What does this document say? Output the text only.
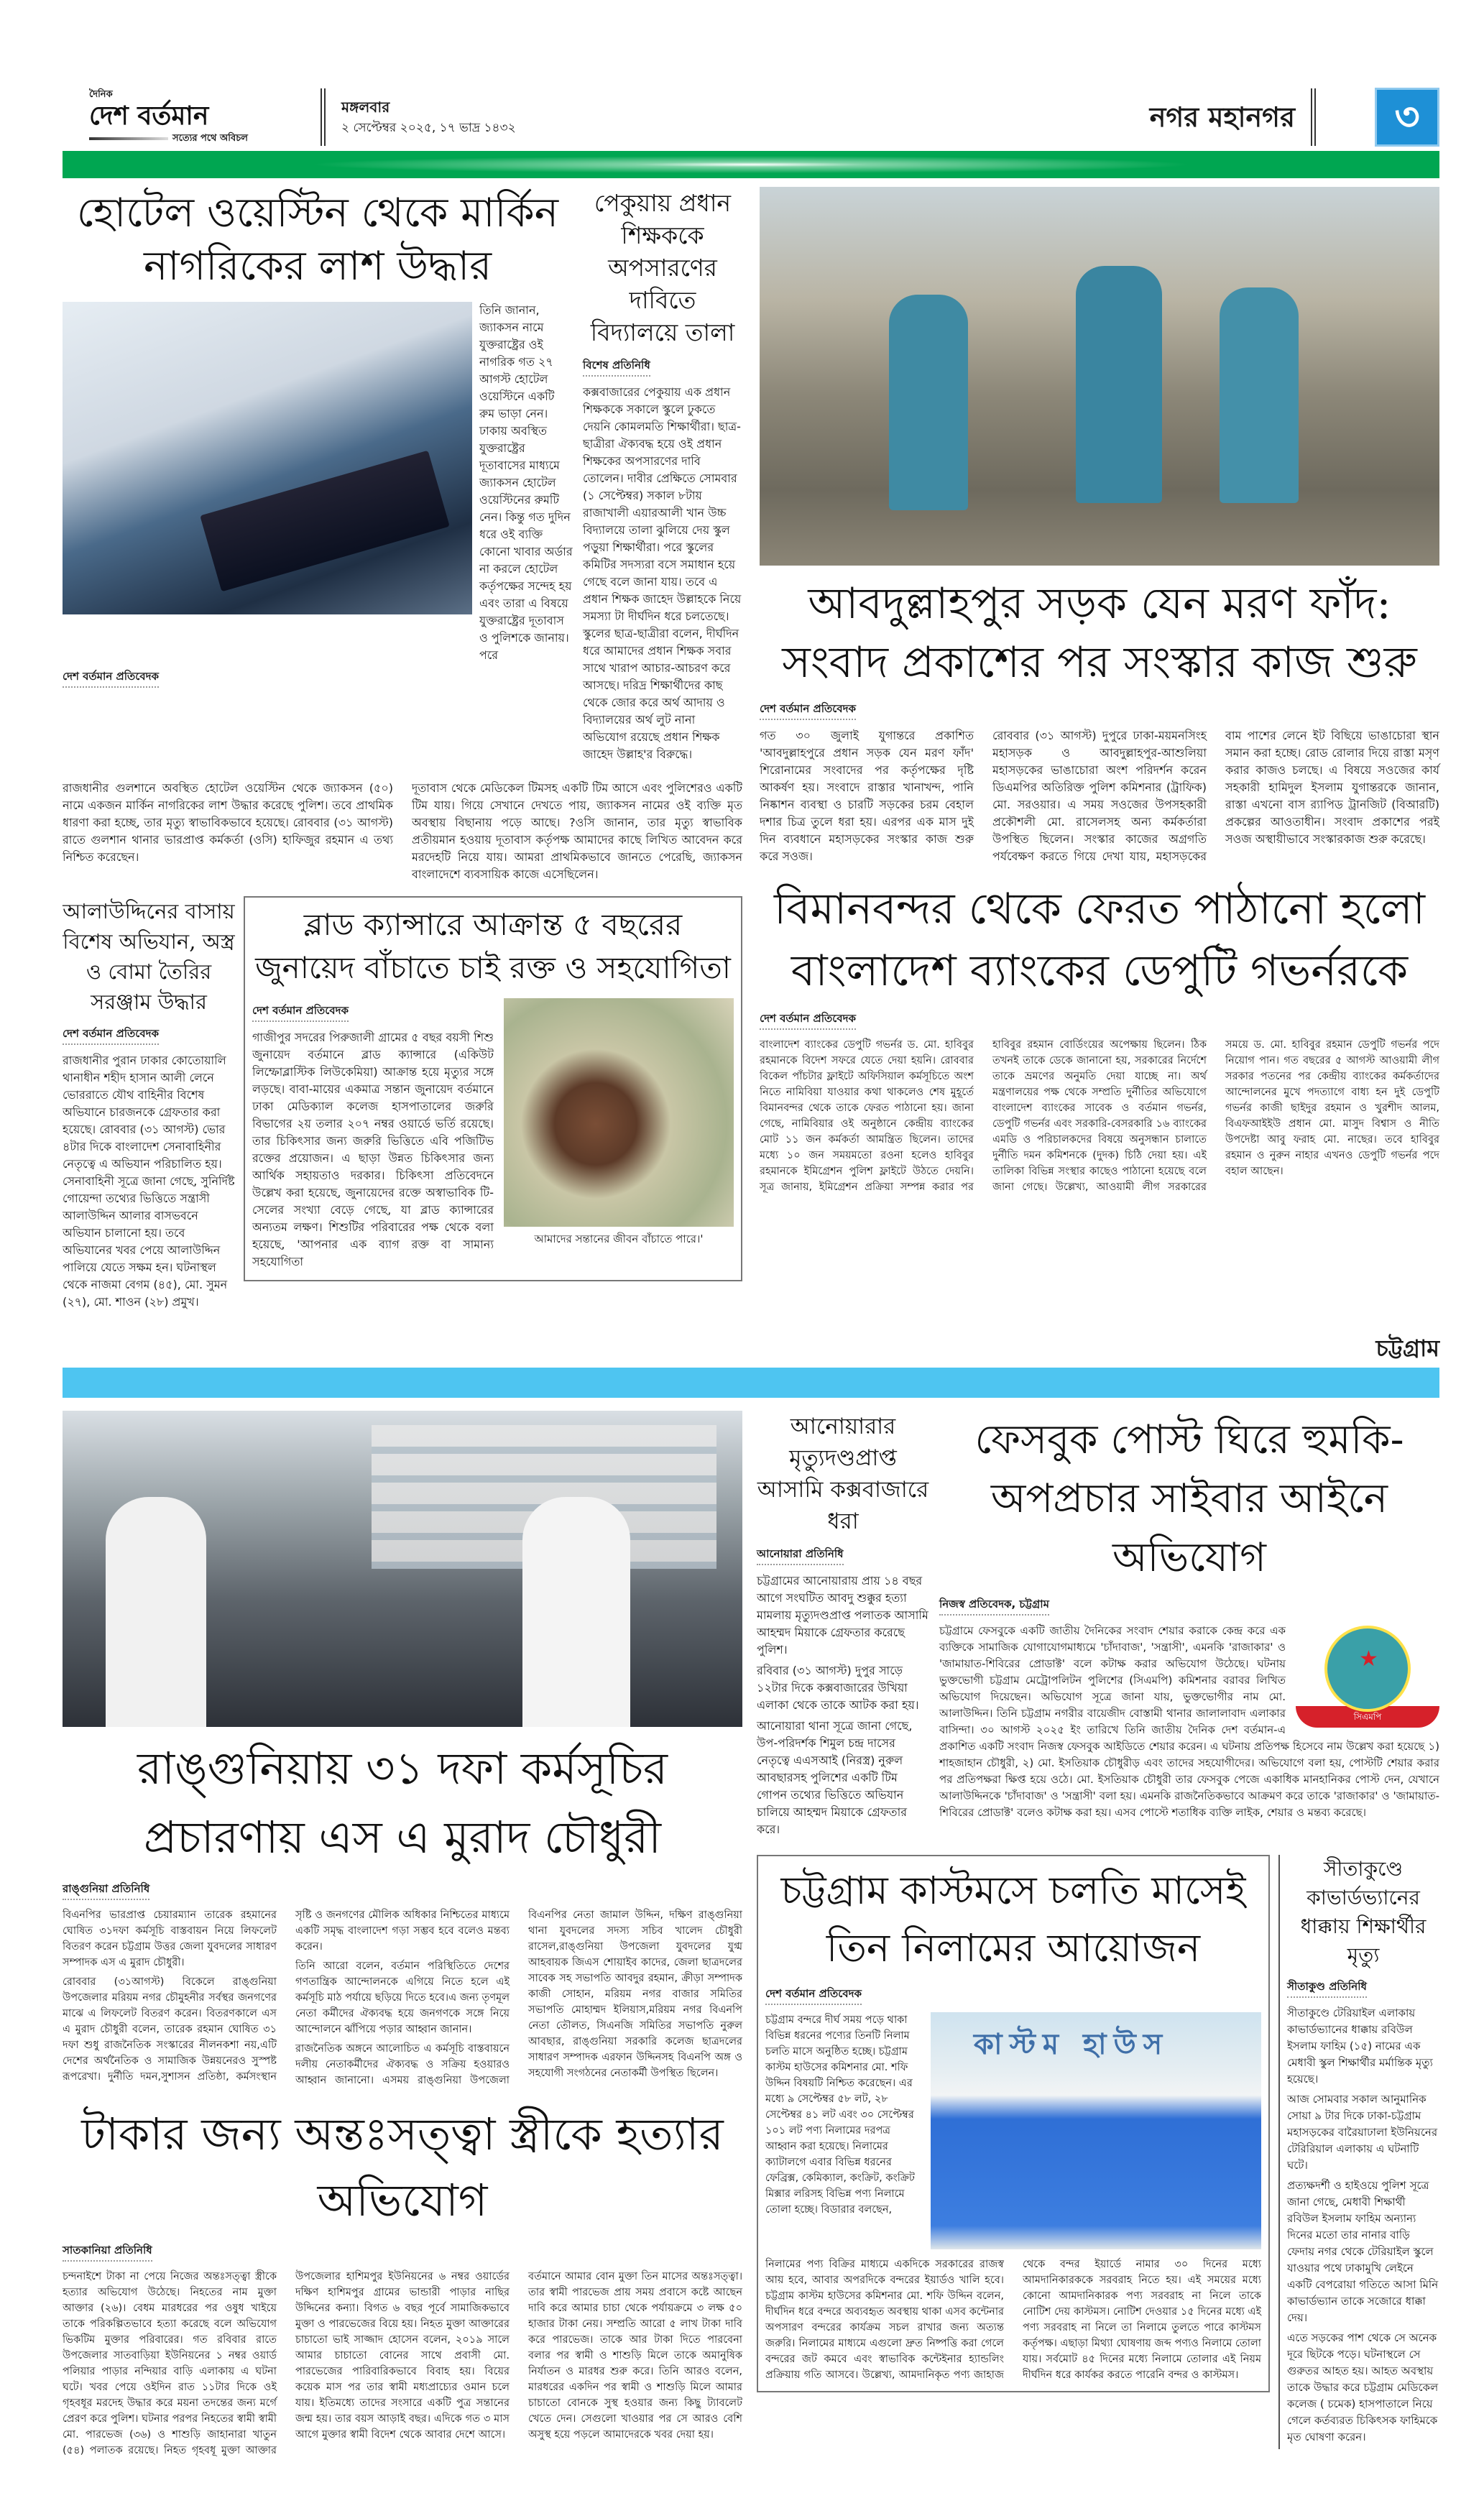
দৈনিক
দেশ বর্তমান
সত্যের পথে অবিচল
মঙ্গলবার
২ সেপ্টেম্বর ২০২৫, ১৭ ভাদ্র ১৪৩২	নগর মহানগর	৩
হোটেল ওয়েস্টিন থেকে মার্কিন নাগরিকের লাশ উদ্ধার
তিনি জানান, জ্যাকসন নামে যুক্তরাষ্ট্রের ওই নাগরিক গত ২৭ আগস্ট হোটেল ওয়েস্টিনে একটি রুম ভাড়া নেন। ঢাকায় অবস্থিত যুক্তরাষ্ট্রের দূতাবাসের মাধ্যমে জ্যাকসন হোটেল ওয়েস্টিনের রুমটি নেন। কিন্তু গত দুদিন ধরে ওই ব্যক্তি কোনো খাবার অর্ডার না করলে হোটেল কর্তৃপক্ষের সন্দেহ হয় এবং তারা এ বিষয়ে যুক্তরাষ্ট্রের দূতাবাস ও পুলিশকে জানায়। পরে
দেশ বর্তমান প্রতিবেদক
পেকুয়ায় প্রধান শিক্ষককে অপসারণের দাবিতে বিদ্যালয়ে তালা
বিশেষ প্রতিনিধি

কক্সবাজারের পেকুয়ায় এক প্রধান শিক্ষককে সকালে স্কুলে ঢুকতে দেয়নি কোমলমতি শিক্ষার্থীরা। ছাত্র-ছাত্রীরা ঐক্যবদ্ধ হয়ে ওই প্রধান শিক্ষকের অপসারণের দাবি তোলেন। দাবীর প্রেক্ষিতে সোমবার (১ সেপ্টেম্বর) সকাল ৮টায় রাজাখালী এয়ারআলী খান উচ্চ বিদ্যালয়ে তালা ঝুলিয়ে দেয় স্কুল পড়ুয়া শিক্ষার্থীরা। পরে স্কুলের কমিটির সদস্যরা বসে সমাধান হয়ে গেছে বলে জানা যায়। তবে এ প্রধান শিক্ষক জাহেদ উল্লাহকে নিয়ে সমস্যা টা দীর্ঘদিন ধরে চলতেছে। স্কুলের ছাত্র-ছাত্রীরা বলেন, দীর্ঘদিন ধরে আমাদের প্রধান শিক্ষক সবার সাথে খারাপ আচার-আচরণ করে আসছে। দরিদ্র শিক্ষার্থীদের কাছ থেকে জোর করে অর্থ আদায় ও বিদ্যালয়ের অর্থ লুট নানা অভিযোগ রয়েছে প্রধান শিক্ষক জাহেদ উল্লাহ'র বিরুদ্ধে।

রাজধানীর গুলশানে অবস্থিত হোটেল ওয়েস্টিন থেকে জ্যাকসন (৫০) নামে একজন মার্কিন নাগরিকের লাশ উদ্ধার করেছে পুলিশ। তবে প্রাথমিক ধারণা করা হচ্ছে, তার মৃত্যু স্বাভাবিকভাবে হয়েছে। রোববার (৩১ আগস্ট) রাতে গুলশান থানার ভারপ্রাপ্ত কর্মকর্তা (ওসি) হাফিজুর রহমান এ তথ্য নিশ্চিত করেছেন।

দূতাবাস থেকে মেডিকেল টিমসহ একটি টিম আসে এবং পুলিশেরও একটি টিম যায়। গিয়ে সেখানে দেখতে পায়, জ্যাকসন নামের ওই ব্যক্তি মৃত অবস্থায় বিছানায় পড়ে আছে। ?ওসি জানান, তার মৃত্যু স্বাভাবিক প্রতীয়মান হওয়ায় দূতাবাস কর্তৃপক্ষ আমাদের কাছে লিখিত আবেদন করে মরদেহটি নিয়ে যায়। আমরা প্রাথমিকভাবে জানতে পেরেছি, জ্যাকসন বাংলাদেশে ব্যবসায়িক কাজে এসেছিলেন।

আলাউদ্দিনের বাসায় বিশেষ অভিযান, অস্ত্র ও বোমা তৈরির সরঞ্জাম উদ্ধার
দেশ বর্তমান প্রতিবেদক

রাজধানীর পুরান ঢাকার কোতোয়ালি থানাধীন শহীদ হাসান আলী লেনে ভোররাতে যৌথ বাহিনীর বিশেষ অভিযানে চারজনকে গ্রেফতার করা হয়েছে। রোববার (৩১ আগস্ট) ভোর ৪টার দিকে বাংলাদেশ সেনাবাহিনীর নেতৃত্বে এ অভিযান পরিচালিত হয়। সেনাবাহিনী সূত্রে জানা গেছে, সুনির্দিষ্ট গোয়েন্দা তথ্যের ভিত্তিতে সন্ত্রাসী আলাউদ্দিন আলার বাসভবনে অভিযান চালানো হয়। তবে অভিযানের খবর পেয়ে আলাউদ্দিন পালিয়ে যেতে সক্ষম হন। ঘটনাস্থল থেকে নাজমা বেগম (৪৫), মো. সুমন (২৭), মো. শাওন (২৮) প্রমুখ।

ব্লাড ক্যান্সারে আক্রান্ত ৫ বছরের জুনায়েদ বাঁচাতে চাই রক্ত ও সহযোগিতা
দেশ বর্তমান প্রতিবেদক

গাজীপুর সদরের পিরুজালী গ্রামের ৫ বছর বয়সী শিশু জুনায়েদ বর্তমানে ব্লাড ক্যান্সারে (একিউট লিম্ফোব্লাস্টিক লিউকেমিয়া) আক্রান্ত হয়ে মৃত্যুর সঙ্গে লড়ছে। বাবা-মায়ের একমাত্র সন্তান জুনায়েদ বর্তমানে ঢাকা মেডিক্যাল কলেজ হাসপাতালের জরুরি বিভাগের ২য় তলার ২০৭ নম্বর ওয়ার্ডে ভর্তি রয়েছে। তার চিকিৎসার জন্য জরুরি ভিত্তিতে এবি পজিটিভ রক্তের প্রয়োজন। এ ছাড়া উন্নত চিকিৎসার জন্য আর্থিক সহায়তাও দরকার। চিকিৎসা প্রতিবেদনে উল্লেখ করা হয়েছে, জুনায়েদের রক্তে অস্বাভাবিক টি-সেলের সংখ্যা বেড়ে গেছে, যা ব্লাড ক্যান্সারের অন্যতম লক্ষণ। শিশুটির পরিবারের পক্ষ থেকে বলা হয়েছে, 'আপনার এক ব্যাগ রক্ত বা সামান্য সহযোগিতা

আমাদের সন্তানের জীবন বাঁচাতে পারে।'
আবদুল্লাহপুর সড়ক যেন মরণ ফাঁদ: সংবাদ প্রকাশের পর সংস্কার কাজ শুরু
দেশ বর্তমান প্রতিবেদক

গত ৩০ জুলাই যুগান্তরে প্রকাশিত 'আবদুল্লাহপুরে প্রধান সড়ক যেন মরণ ফাঁদ' শিরোনামের সংবাদের পর কর্তৃপক্ষের দৃষ্টি আকর্ষণ হয়। সংবাদে রাস্তার খানাখন্দ, পানি নিষ্কাশন ব্যবস্থা ও চারটি সড়কের চরম বেহাল দশার চিত্র তুলে ধরা হয়। এরপর এক মাস দুই দিন ব্যবধানে মহাসড়কের সংস্কার কাজ শুরু করে সওজ।

রোববার (৩১ আগস্ট) দুপুরে ঢাকা-ময়মনসিংহ মহাসড়ক ও আবদুল্লাহপুর-আশুলিয়া মহাসড়কের ভাঙাচোরা অংশ পরিদর্শন করেন ডিএমপির অতিরিক্ত পুলিশ কমিশনার (ট্রাফিক) মো. সরওয়ার। এ সময় সওজের উপসহকারী প্রকৌশলী মো. রাসেলসহ অন্য কর্মকর্তারা উপস্থিত ছিলেন। সংস্কার কাজের অগ্রগতি পর্যবেক্ষণ করতে গিয়ে দেখা যায়, মহাসড়কের বাম পাশের লেনে ইট বিছিয়ে ভাঙাচোরা স্থান সমান করা হচ্ছে। রোড রোলার দিয়ে রাস্তা মসৃণ করার কাজও চলছে। এ বিষয়ে সওজের কার্য সহকারী হামিদুল ইসলাম যুগান্তরকে জানান, রাস্তা এখনো বাস র‍্যাপিড ট্রানজিট (বিআরটি) প্রকল্পের আওতাধীন। সংবাদ প্রকাশের পরই সওজ অস্থায়ীভাবে সংস্কারকাজ শুরু করেছে।

বিমানবন্দর থেকে ফেরত পাঠানো হলো বাংলাদেশ ব্যাংকের ডেপুটি গভর্নরকে
দেশ বর্তমান প্রতিবেদক

বাংলাদেশ ব্যাংকের ডেপুটি গভর্নর ড. মো. হাবিবুর রহমানকে বিদেশ সফরে যেতে দেয়া হয়নি। রোববার বিকেল পাঁচটার ফ্লাইটে অফিসিয়াল কর্মসূচিতে অংশ নিতে নামিবিয়া যাওয়ার কথা থাকলেও শেষ মুহূর্তে বিমানবন্দর থেকে তাকে ফেরত পাঠানো হয়। জানা গেছে, নামিবিয়ার ওই অনুষ্ঠানে কেন্দ্রীয় ব্যাংকের মোট ১১ জন কর্মকর্তা আমন্ত্রিত ছিলেন। তাদের মধ্যে ১০ জন সময়মতো রওনা হলেও হাবিবুর রহমানকে ইমিগ্রেশন পুলিশ ফ্লাইটে উঠতে দেয়নি। সূত্র জানায়, ইমিগ্রেশন প্রক্রিয়া সম্পন্ন করার পর হাবিবুর রহমান বোর্ডিংয়ের অপেক্ষায় ছিলেন। ঠিক তখনই তাকে ডেকে জানানো হয়, সরকারের নির্দেশে তাকে ভ্রমণের অনুমতি দেয়া যাচ্ছে না। অর্থ মন্ত্রণালয়ের পক্ষ থেকে সম্প্রতি দুর্নীতির অভিযোগে বাংলাদেশ ব্যাংকের সাবেক ও বর্তমান গভর্নর, ডেপুটি গভর্নর এবং সরকারি-বেসরকারি ১৬ ব্যাংকের এমডি ও পরিচালকদের বিষয়ে অনুসন্ধান চালাতে দুর্নীতি দমন কমিশনকে (দুদক) চিঠি দেয়া হয়। এই তালিকা বিভিন্ন সংস্থার কাছেও পাঠানো হয়েছে বলে জানা গেছে। উল্লেখ্য, আওয়ামী লীগ সরকারের সময়ে ড. মো. হাবিবুর রহমান ডেপুটি গভর্নর পদে নিয়োগ পান। গত বছরের ৫ আগস্ট আওয়ামী লীগ সরকার পতনের পর কেন্দ্রীয় ব্যাংকের কর্মকর্তাদের আন্দোলনের মুখে পদত্যাগে বাধ্য হন দুই ডেপুটি গভর্নর কাজী ছাইদুর রহমান ও খুরশীদ আলম, বিএফআইইউ প্রধান মো. মাসুদ বিশ্বাস ও নীতি উপদেষ্টা আবু ফরাহ মো. নাছের। তবে হাবিবুর রহমান ও নুরুন নাহার এখনও ডেপুটি গভর্নর পদে বহাল আছেন।

চট্টগ্রাম
রাঙ্গুনিয়ায় ৩১ দফা কর্মসূচির প্রচারণায় এস এ মুরাদ চৌধুরী
রাঙ্গুনিয়া প্রতিনিধি

বিএনপির ভারপ্রাপ্ত চেয়ারম্যান তারেক রহমানের ঘোষিত ৩১দফা কর্মসূচি বাস্তবায়ন নিয়ে লিফলেট বিতরণ করেন চট্টগ্রাম উত্তর জেলা যুবদলের সাধারণ সম্পাদক এস এ মুরাদ চৌধুরী।

রোববার (৩১আগস্ট) বিকেলে রাঙ্গুনিয়া উপজেলার মরিয়ম নগর চৌমুহনীর সর্বস্থর জনগণের মাঝে এ লিফলেট বিতরণ করেন। বিতরণকালে এস এ মুরাদ চৌধুরী বলেন, তারেক রহমান ঘোষিত ৩১ দফা শুধু রাজনৈতিক সংস্কারের নীলনকশা নয়,এটি দেশের অর্থনৈতিক ও সামাজিক উন্নয়নেরও সুস্পষ্ট রূপরেখা। দুর্নীতি দমন,সুশাসন প্রতিষ্ঠা, কর্মসংস্থান সৃষ্টি ও জনগণের মৌলিক অধিকার নিশ্চিতের মাধ্যমে একটি সমৃদ্ধ বাংলাদেশ গড়া সম্ভব হবে বলেও মন্তব্য করেন।

তিনি আরো বলেন, বর্তমান পরিস্থিতিতে দেশের গণতান্ত্রিক আন্দোলনকে এগিয়ে নিতে হলে এই কর্মসূচি মাঠ পর্যায়ে ছড়িয়ে দিতে হবে।এ জন্য তৃণমূল নেতা কর্মীদের ঐক্যবদ্ধ হয়ে জনগণকে সঙ্গে নিয়ে আন্দোলনে ঝাঁপিয়ে পড়ার আহ্বান জানান।

রাজনৈতিক অঙ্গনে আলোচিত এ কর্মসূচি বাস্তবায়নে দলীয় নেতাকর্মীদের ঐক্যবদ্ধ ও সক্রিয় হওয়ারও আহ্বান জানানো। এসময় রাঙ্গুনিয়া উপজেলা বিএনপির নেতা জামাল উদ্দিন, দক্ষিণ রাঙ্গুনিয়া থানা যুবদলের সদস্য সচিব খালেদ চৌধুরী রাসেল,রাঙ্গুনিয়া উপজেলা যুবদলের যুগ্ম আহবায়ক জিএস শোয়াইব কাদের, জেলা ছাত্রদলের সাবেক সহ সভাপতি আবদুর রহমান, ক্রীড়া সম্পাদক কাজী সোহান, মরিয়ম নগর বাজার সমিতির সভাপতি মোহাম্মদ ইলিয়াস,মরিয়ম নগর বিএনপি নেতা তৌলত, সিএনজি সমিতির সভাপতি নুরুল আবছার, রাঙ্গুনিয়া সরকারি কলেজ ছাত্রদলের সাধারণ সম্পাদক এরফান উদ্দিনসহ বিএনপি অঙ্গ ও সহযোগী সংগঠনের নেতাকর্মী উপস্থিত ছিলেন।

টাকার জন্য অন্তঃসত্ত্বা স্ত্রীকে হত্যার অভিযোগ
সাতকানিয়া প্রতিনিধি

চন্দনাইশে টাকা না পেয়ে নিজের অন্তঃসত্ত্বা স্ত্রীকে হত্যার অভিযোগ উঠেছে। নিহতের নাম মুক্তা আক্তার (২৬)। বেধম মারধরের পর ওষুধ খাইয়ে তাকে পরিকল্পিতভাবে হত্যা করেছে বলে অভিযোগ ভিকটিম মুক্তার পরিবারের। গত রবিবার রাতে উপজেলার সাতবাড়িয়া ইউনিয়নের ১ নম্বর ওয়ার্ড পলিয়ার পাড়ার নন্দিয়ার বাড়ি এলাকায় এ ঘটনা ঘটে। খবর পেয়ে ওইদিন রাত ১১টার দিকে ওই গৃহবধূর মরদেহ উদ্ধার করে ময়না তদন্তের জন্য মর্গে প্রেরণ করে পুলিশ। ঘটনার পরপর নিহতের স্বামী স্বামী মো. পারভেজ (৩৬) ও শাশুড়ি জাহানারা খাতুন (৫৪) পলাতক রয়েছে। নিহত গৃহবধূ মুক্তা আক্তার উপজেলার হাশিমপুর ইউনিয়নের ৬ নম্বর ওয়ার্ডের দক্ষিণ হাশিমপুর গ্রামের ভান্ডারী পাড়ার নাছির উদ্দিনের কন্যা। বিগত ৬ বছর পূর্বে সামাজিকভাবে মুক্তা ও পারভেজের বিয়ে হয়। নিহত মুক্তা আক্তারের চাচাতো ভাই সাজ্জাদ হোসেন বলেন, ২০১৯ সালে আমার চাচাতো বোনের সাথে প্রবাসী মো. পারভেজের পারিবারিকভাবে বিবাহ হয়। বিয়ের কয়েক মাস পর তার স্বামী মধ্যপ্রাচ্যের ওমান চলে যায়। ইতিমধ্যে তাদের সংসারে একটি পুত্র সন্তানের জন্ম হয়। তার বয়স আড়াই বছর। এদিকে গত ৩ মাস আগে মুক্তার স্বামী বিদেশ থেকে আবার দেশে আসে।

বর্তমানে আমার বোন মুক্তা তিন মাসের অন্তঃসত্ত্বা। তার স্বামী পারভেজ প্রায় সময় প্রবাসে কষ্টে আছেন দাবি করে আমার চাচা থেকে পর্যায়ক্রমে ৩ লক্ষ ৫০ হাজার টাকা নেয়। সম্প্রতি আরো ৫ লাখ টাকা দাবি করে পারভেজ। তাকে আর টাকা দিতে পারবেনা বলার পর স্বামী ও শাশুড়ি মিলে তাকে অমানুষিক নির্যাতন ও মারধর শুরু করে। তিনি আরও বলেন, মারধরের একদিন পর স্বামী ও শাশুড়ি মিলে আমার চাচাতো বোনকে সুস্থ হওয়ার জন্য কিছু ট্যাবলেট খেতে দেন। সেগুলো খাওয়ার পর সে আরও বেশি অসুস্থ হয়ে পড়লে আমাদেরকে খবর দেয়া হয়।

আনোয়ারার মৃত্যুদণ্ডপ্রাপ্ত আসামি কক্সবাজারে ধরা
আনোয়ারা প্রতিনিধি

চট্টগ্রামের আনোয়ারায় প্রায় ১৪ বছর আগে সংঘটিত আবদু শুক্কুর হত্যা মামলায় মৃত্যুদণ্ডপ্রাপ্ত পলাতক আসামি আহম্মদ মিয়াকে গ্রেফতার করেছে পুলিশ।

রবিবার (৩১ আগস্ট) দুপুর সাড়ে ১২টার দিকে কক্সবাজারের উখিয়া এলাকা থেকে তাকে আটক করা হয়।

আনোয়ারা থানা সূত্রে জানা গেছে, উপ-পরিদর্শক শিমুল চন্দ্র দাসের নেতৃত্বে এএসআই (নিরস্ত্র) নুরুল আবছারসহ পুলিশের একটি টিম গোপন তথ্যের ভিত্তিতে অভিযান চালিয়ে আহম্মদ মিয়াকে গ্রেফতার করে।

ফেসবুক পোস্ট ঘিরে হুমকি-অপপ্রচার সাইবার আইনে অভিযোগ
নিজস্ব প্রতিবেদক, চট্টগ্রাম
★
সিএমপি

চট্টগ্রামে ফেসবুকে একটি জাতীয় দৈনিকের সংবাদ শেয়ার করাকে কেন্দ্র করে এক ব্যক্তিকে সামাজিক যোগাযোগমাধ্যমে 'চাঁদাবাজ', 'সন্ত্রাসী', এমনকি 'রাজাকার' ও 'জামায়াত-শিবিরের প্রোডাক্ট' বলে কটাক্ষ করার অভিযোগ উঠেছে। ঘটনায় ভুক্তভোগী চট্টগ্রাম মেট্রোপলিটন পুলিশের (সিএমপি) কমিশনার বরাবর লিখিত অভিযোগ দিয়েছেন। অভিযোগ সূত্রে জানা যায়, ভুক্তভোগীর নাম মো. আলাউদ্দিন। তিনি চট্টগ্রাম নগরীর বায়েজীদ বোস্তামী থানার জালালাবাদ এলাকার বাসিন্দা। ৩০ আগস্ট ২০২৫ ইং তারিখে তিনি জাতীয় দৈনিক দেশ বর্তমান-এ প্রকাশিত একটি সংবাদ নিজস্ব ফেসবুক আইডিতে শেয়ার করেন। এ ঘটনায় প্রতিপক্ষ হিসেবে নাম উল্লেখ করা হয়েছে ১) শাহজাহান চৌধুরী, ২) মো. ইসতিয়াক চৌধুরীড় এবং তাদের সহযোগীদের। অভিযোগে বলা হয়, পোস্টটি শেয়ার করার পর প্রতিপক্ষরা ক্ষিপ্ত হয়ে ওঠে। মো. ইসতিয়াক চৌধুরী তার ফেসবুক পেজে একাধিক মানহানিকর পোস্ট দেন, যেখানে আলাউদ্দিনকে 'চাঁদাবাজ' ও 'সন্ত্রাসী' বলা হয়। এমনকি রাজনৈতিকভাবে আক্রমণ করে তাকে 'রাজাকার' ও 'জামায়াত-শিবিরের প্রোডাক্ট' বলেও কটাক্ষ করা হয়। এসব পোস্টে শতাধিক ব্যক্তি লাইক, শেয়ার ও মন্তব্য করেছে।

চট্টগ্রাম কাস্টমসে চলতি মাসেই তিন নিলামের আয়োজন
দেশ বর্তমান প্রতিবেদক
চট্টগ্রাম বন্দরে দীর্ঘ সময় পড়ে থাকা বিভিন্ন ধরনের পণ্যের তিনটি নিলাম চলতি মাসে অনুষ্ঠিত হচ্ছে। চট্টগ্রাম কাস্টম হাউসের কমিশনার মো. শফি উদ্দিন বিষয়টি নিশ্চিত করেছেন। এর মধ্যে ৯ সেপ্টেম্বর ৫৮ লট, ২৮ সেপ্টেম্বর ৪১ লট এবং ৩০ সেপ্টেম্বর ১০১ লট পণ্য নিলামের দরপত্র আহ্বান করা হয়েছে। নিলামের ক্যাটালগে এবার বিভিন্ন ধরনের ফেব্রিক্স, কেমিক্যাল, কংক্রিট, কংক্রিট মিক্সার লরিসহ বিভিন্ন পণ্য নিলামে তোলা হচ্ছে। বিডারার বলছেন,
কাস্টম হাউস

নিলামের পণ্য বিক্রির মাধ্যমে একদিকে সরকারের রাজস্ব আয় হবে, আবার অপরদিকে বন্দরের ইয়ার্ডও খালি হবে। চট্টগ্রাম কাস্টম হাউসের কমিশনার মো. শফি উদ্দিন বলেন, দীর্ঘদিন ধরে বন্দরে অব্যবহৃত অবস্থায় থাকা এসব কন্টেনার অপসারণ বন্দরের কার্যক্রম সচল রাখার জন্য অত্যন্ত জরুরি। নিলামের মাধ্যমে এগুলো দ্রুত নিষ্পত্তি করা গেলে বন্দরের জট কমবে এবং স্বাভাবিক কন্টেইনার হ্যান্ডলিং প্রক্রিয়ায় গতি আসবে। উল্লেখ্য, আমদানিকৃত পণ্য জাহাজ থেকে বন্দর ইয়ার্ডে নামার ৩০ দিনের মধ্যে আমদানিকারককে সরবরাহ নিতে হয়। এই সময়ের মধ্যে কোনো আমদানিকারক পণ্য সরবরাহ না নিলে তাকে নোটিশ দেয় কাস্টমস। নোটিশ দেওয়ার ১৫ দিনের মধ্যে এই পণ্য সরবরাহ না নিলে তা নিলামে তুলতে পারে কাস্টমস কর্তৃপক্ষ। এছাড়া মিথ্যা ঘোষণায় জব্দ পণ্যও নিলামে তোলা যায়। সর্বমোট ৪৫ দিনের মধ্যে নিলামে তোলার এই নিয়ম দীর্ঘদিন ধরে কার্যকর করতে পারেনি বন্দর ও কাস্টমস।

সীতাকুণ্ডে কাভার্ডভ্যানের ধাক্কায় শিক্ষার্থীর মৃত্যু
সীতাকুণ্ড প্রতিনিধি

সীতাকুণ্ডে টেরিয়াইল এলাকায় কাভার্ডভ্যানের ধাক্কায় রবিউল ইসলাম ফাহিম (১৫) নামের এক মেধাবী স্কুল শিক্ষার্থীর মর্মান্তিক মৃত্যু হয়েছে।

আজ সোমবার সকাল আনুমানিক সোয়া ৯ টার দিকে ঢাকা-চট্টগ্রাম মহাসড়কের বারৈয়াঢালা ইউনিয়নের টেরিরিয়াল এলাকায় এ ঘটনাটি ঘটে।

প্রত্যক্ষদর্শী ও হাইওয়ে পুলিশ সূত্রে জানা গেছে, মেধাবী শিক্ষার্থী রবিউল ইসলাম ফাহিম অন্যান্য দিনের মতো তার নানার বাড়ি ফেদায় নগর থেকে টেরিয়াইল স্কুলে যাওয়ার পথে ঢাকামুখি লেইনে একটি বেপরোয়া গতিতে আসা মিনি কাভার্ডভ্যান তাকে সজোরে ধাক্কা দেয়।

এতে সড়কের পাশ থেকে সে অনেক দূরে ছিটকে পড়ে। ঘটনাস্থলে সে গুরুতর আহত হয়। আহত অবস্থায় তাকে উদ্ধার করে চট্টগ্রাম মেডিকেল কলেজ ( চমেক) হাসপাতালে নিয়ে গেলে কর্তব্যরত চিকিৎসক ফাহিমকে মৃত ঘোষণা করেন।
